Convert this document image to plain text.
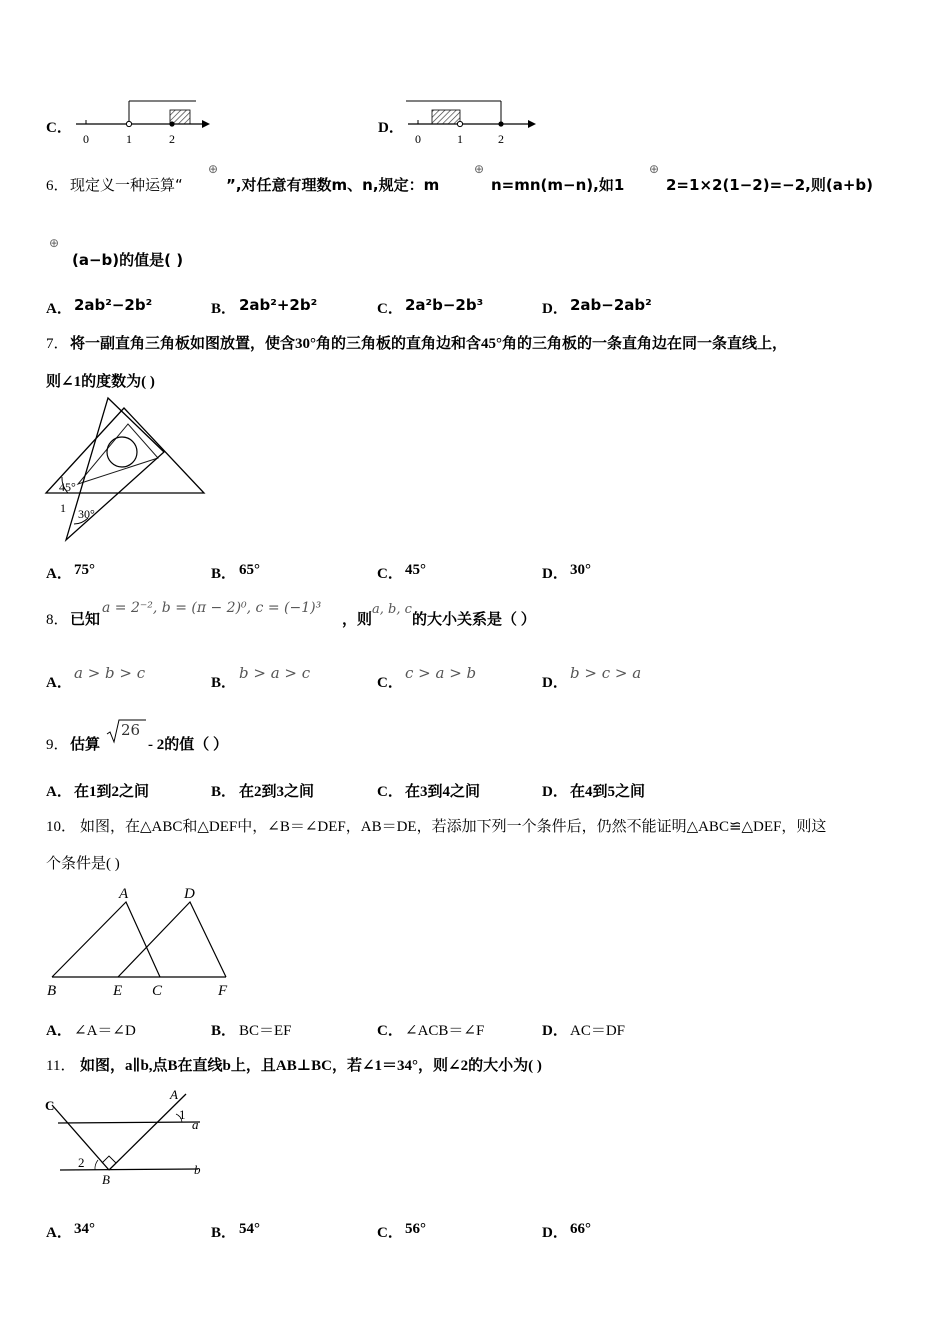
C．
0	1	2
D．
0	1	2
6． 现定义一种运算“
⊕
”,对任意有理数m、n,规定：m
⊕
n=mn(m−n),如1
⊕
2=1×2(1−2)=−2,则(a+b)
⊕
(a−b)的值是( )
A． 2ab²−2b²	B． 2ab²+2b²	C． 2a²b−2b³	D． 2ab−2ab²
7． 将一副直角三角板如图放置，使含30°角的三角板的直角边和含45°角的三角板的一条直角边在同一条直线上，
则∠1的度数为( )
45°
1 30°
A． 75°	B． 65°	C． 45°	D． 30°
8． 已知
a = 2⁻², b = (π − 2)⁰, c = (−1)³
，则
a, b, c
的大小关系是（ ）
A．
a > b > c
B．
b > a > c
C．
c > a > b
D．
b > c > a
9． 估算
26
- 2的值（ ）
A． 在1到2之间	B． 在2到3之间	C． 在3到4之间	D． 在4到5之间
10． 如图，在△ABC和△DEF中，∠B＝∠DEF，AB＝DE，若添加下列一个条件后，仍然不能证明△ABC≌△DEF，则这
个条件是( )
A	D
B	E C	F
A． ∠A＝∠D	B． BC＝EF	C． ∠ACB＝∠F	D． AC＝DF
11． 如图，a∥b,点B在直线b上，且AB⊥BC，若∠1＝34°，则∠2的大小为( )
C
A
1
a
2
B
b
A． 34°	B． 54°	C． 56°	D． 66°
